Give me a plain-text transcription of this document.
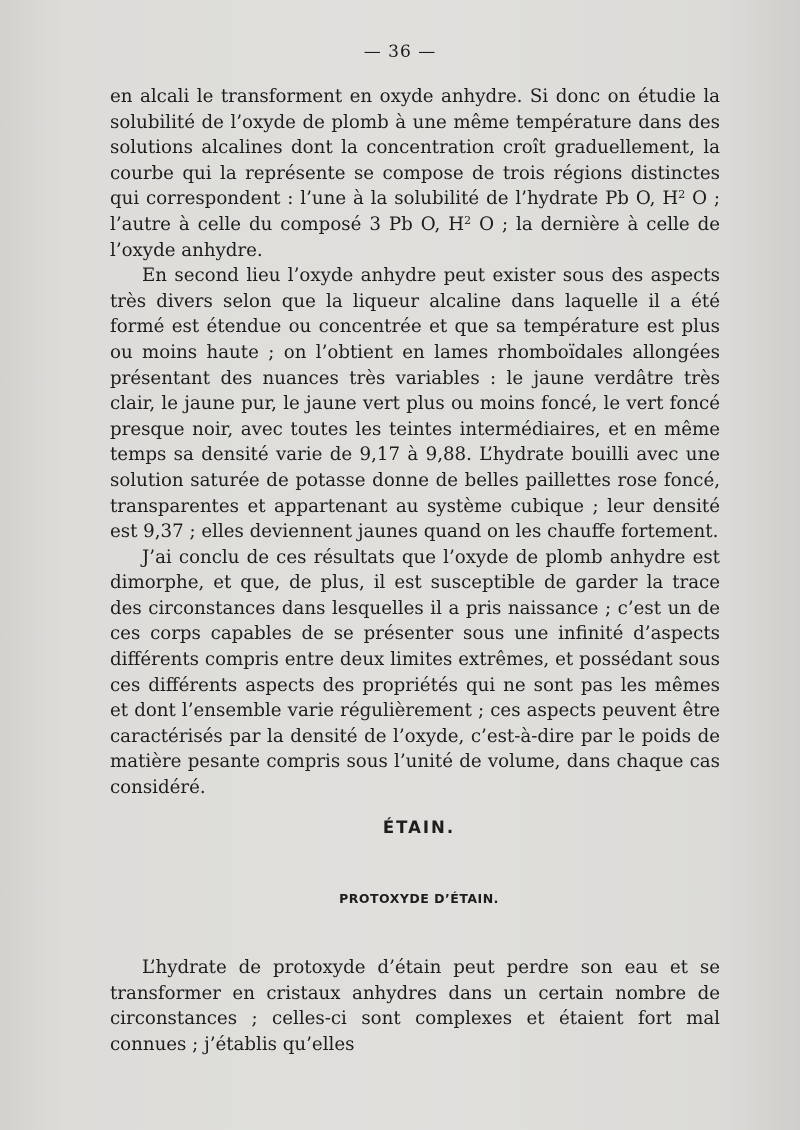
— 36 —

en alcali le transforment en oxyde anhydre. Si donc on étudie la solubilité de l’oxyde de plomb à une même température dans des solutions alcalines dont la concentration croît graduellement, la courbe qui la représente se compose de trois régions distinctes qui correspondent : l’une à la solubilité de l’hydrate Pb O, $H^2$ O ; l’autre à celle du composé 3 Pb O, $H^2$ O ; la dernière à celle de l’oxyde anhydre.

En second lieu l’oxyde anhydre peut exister sous des aspects très divers selon que la liqueur alcaline dans laquelle il a été formé est étendue ou concentrée et que sa température est plus ou moins haute ; on l’obtient en lames rhomboïdales allongées présentant des nuances très variables : le jaune verdâtre très clair, le jaune pur, le jaune vert plus ou moins foncé, le vert foncé presque noir, avec toutes les teintes intermédiaires, et en même temps sa densité varie de 9,17 à 9,88. L’hydrate bouilli avec une solution saturée de potasse donne de belles paillettes rose foncé, transparentes et appartenant au système cubique ; leur densité est 9,37 ; elles deviennent jaunes quand on les chauffe fortement.

J’ai conclu de ces résultats que l’oxyde de plomb anhydre est dimorphe, et que, de plus, il est susceptible de garder la trace des circonstances dans lesquelles il a pris naissance ; c’est un de ces corps capables de se présenter sous une infinité d’aspects différents compris entre deux limites extrêmes, et possédant sous ces différents aspects des propriétés qui ne sont pas les mêmes et dont l’ensemble varie régulièrement ; ces aspects peuvent être caractérisés par la densité de l’oxyde, c’est-à-dire par le poids de matière pesante compris sous l’unité de volume, dans chaque cas considéré.

ÉTAIN.
PROTOXYDE D’ÉTAIN.

L’hydrate de protoxyde d’étain peut perdre son eau et se transformer en cristaux anhydres dans un certain nombre de circonstances ; celles-ci sont complexes et étaient fort mal connues ; j’établis qu’elles
